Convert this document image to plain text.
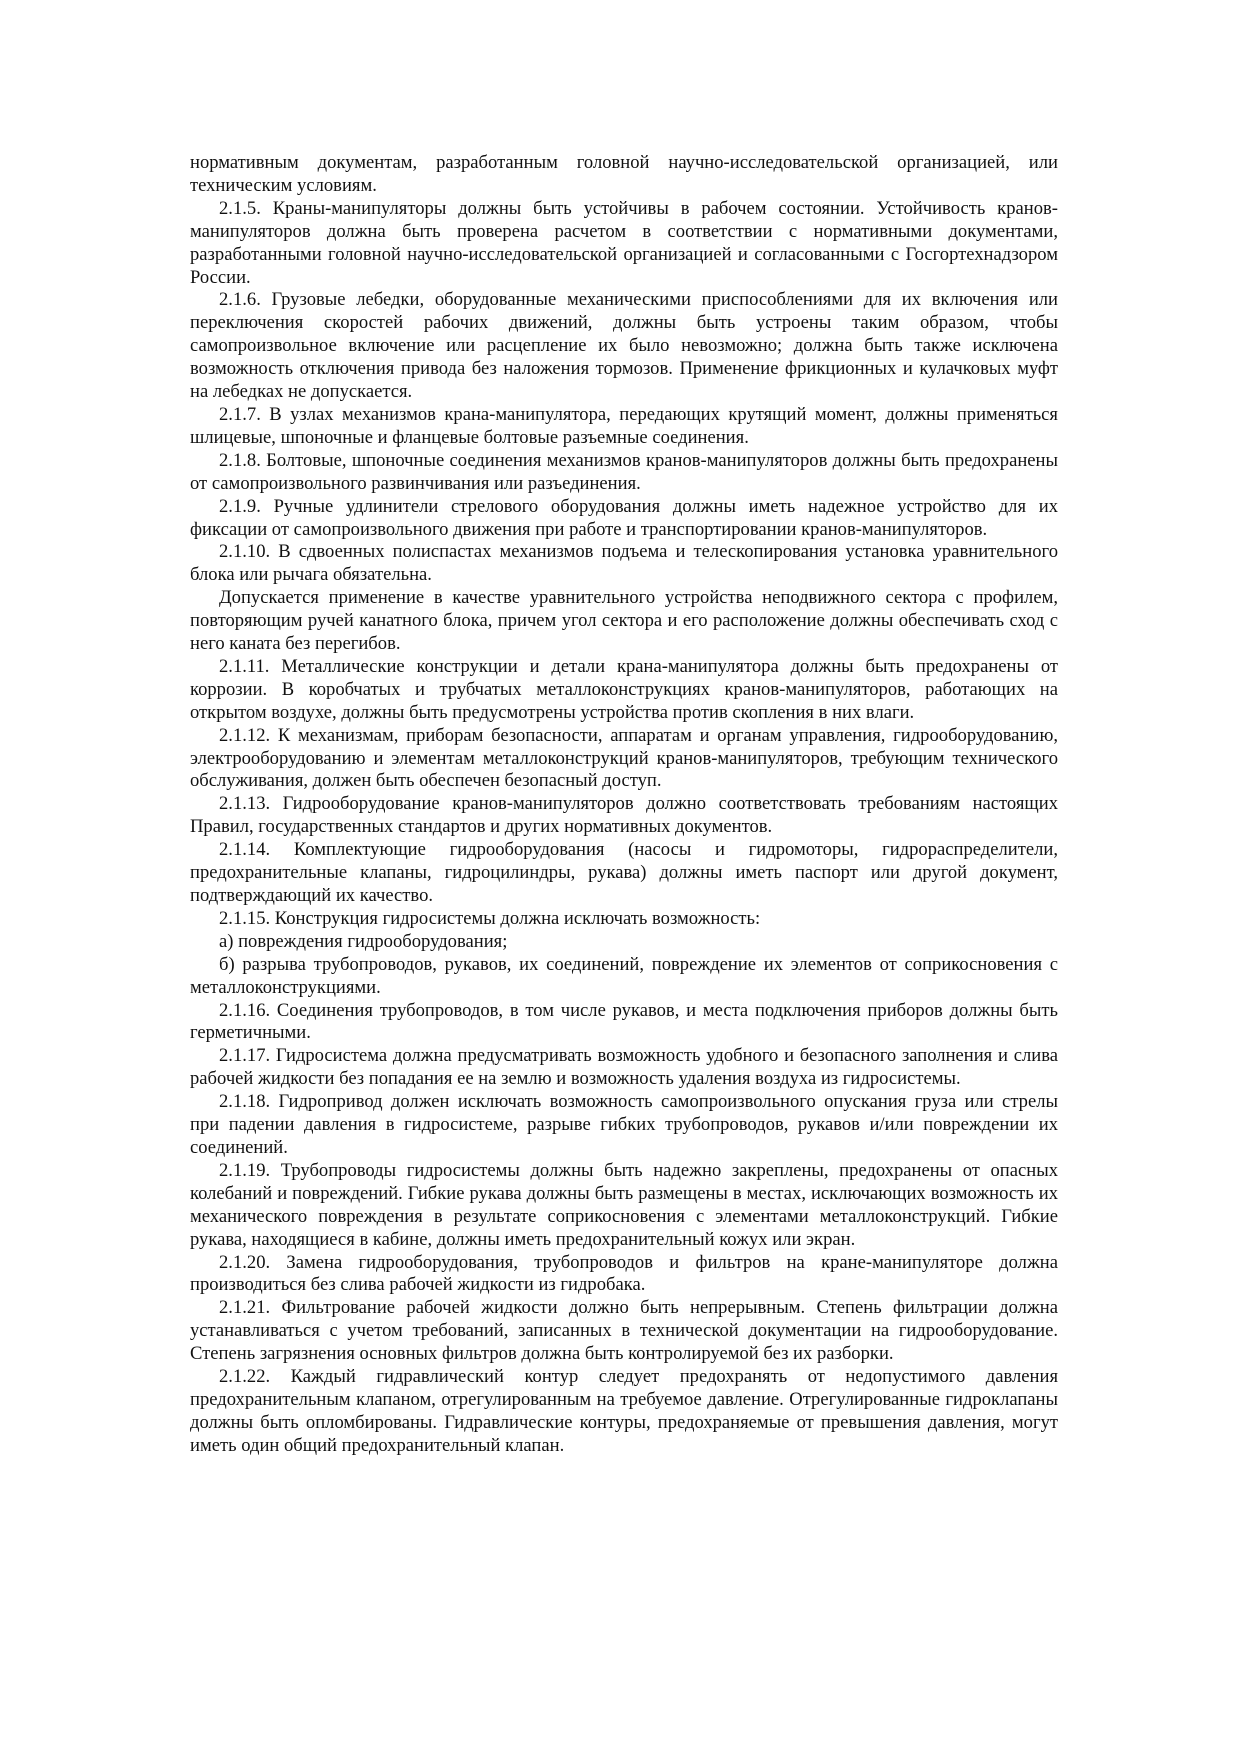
нормативным документам, разработанным головной научно-исследовательской организацией, или техническим условиям.

2.1.5. Краны-манипуляторы должны быть устойчивы в рабочем состоянии. Устойчивость кранов-манипуляторов должна быть проверена расчетом в соответствии с нормативными документами, разработанными головной научно-исследовательской организацией и согласованными с Госгортехнадзором России.

2.1.6. Грузовые лебедки, оборудованные механическими приспособлениями для их включения или переключения скоростей рабочих движений, должны быть устроены таким образом, чтобы самопроизвольное включение или расцепление их было невозможно; должна быть также исключена возможность отключения привода без наложения тормозов. Применение фрикционных и кулачковых муфт на лебедках не допускается.

2.1.7. В узлах механизмов крана-манипулятора, передающих крутящий момент, должны применяться шлицевые, шпоночные и фланцевые болтовые разъемные соединения.

2.1.8. Болтовые, шпоночные соединения механизмов кранов-манипуляторов должны быть предохранены от самопроизвольного развинчивания или разъединения.

2.1.9. Ручные удлинители стрелового оборудования должны иметь надежное устройство для их фиксации от самопроизвольного движения при работе и транспортировании кранов-манипуляторов.

2.1.10. В сдвоенных полиспастах механизмов подъема и телескопирования установка уравнительного блока или рычага обязательна.

Допускается применение в качестве уравнительного устройства неподвижного сектора с профилем, повторяющим ручей канатного блока, причем угол сектора и его расположение должны обеспечивать сход с него каната без перегибов.

2.1.11. Металлические конструкции и детали крана-манипулятора должны быть предохранены от коррозии. В коробчатых и трубчатых металлоконструкциях кранов-манипуляторов, работающих на открытом воздухе, должны быть предусмотрены устройства против скопления в них влаги.

2.1.12. К механизмам, приборам безопасности, аппаратам и органам управления, гидрооборудованию, электрооборудованию и элементам металлоконструкций кранов-манипуляторов, требующим технического обслуживания, должен быть обеспечен безопасный доступ.

2.1.13. Гидрооборудование кранов-манипуляторов должно соответствовать требованиям настоящих Правил, государственных стандартов и других нормативных документов.

2.1.14. Комплектующие гидрооборудования (насосы и гидромоторы, гидрораспределители, предохранительные клапаны, гидроцилиндры, рукава) должны иметь паспорт или другой документ, подтверждающий их качество.

2.1.15. Конструкция гидросистемы должна исключать возможность:

а) повреждения гидрооборудования;

б) разрыва трубопроводов, рукавов, их соединений, повреждение их элементов от соприкосновения с металлоконструкциями.

2.1.16. Соединения трубопроводов, в том числе рукавов, и места подключения приборов должны быть герметичными.

2.1.17. Гидросистема должна предусматривать возможность удобного и безопасного заполнения и слива рабочей жидкости без попадания ее на землю и возможность удаления воздуха из гидросистемы.

2.1.18. Гидропривод должен исключать возможность самопроизвольного опускания груза или стрелы при падении давления в гидросистеме, разрыве гибких трубопроводов, рукавов и/или повреждении их соединений.

2.1.19. Трубопроводы гидросистемы должны быть надежно закреплены, предохранены от опасных колебаний и повреждений. Гибкие рукава должны быть размещены в местах, исключающих возможность их механического повреждения в результате соприкосновения с элементами металлоконструкций. Гибкие рукава, находящиеся в кабине, должны иметь предохранительный кожух или экран.

2.1.20. Замена гидрооборудования, трубопроводов и фильтров на кране-манипуляторе должна производиться без слива рабочей жидкости из гидробака.

2.1.21. Фильтрование рабочей жидкости должно быть непрерывным. Степень фильтрации должна устанавливаться с учетом требований, записанных в технической документации на гидрооборудование. Степень загрязнения основных фильтров должна быть контролируемой без их разборки.

2.1.22. Каждый гидравлический контур следует предохранять от недопустимого давления предохранительным клапаном, отрегулированным на требуемое давление. Отрегулированные гидроклапаны должны быть опломбированы. Гидравлические контуры, предохраняемые от превышения давления, могут иметь один общий предохранительный клапан.
